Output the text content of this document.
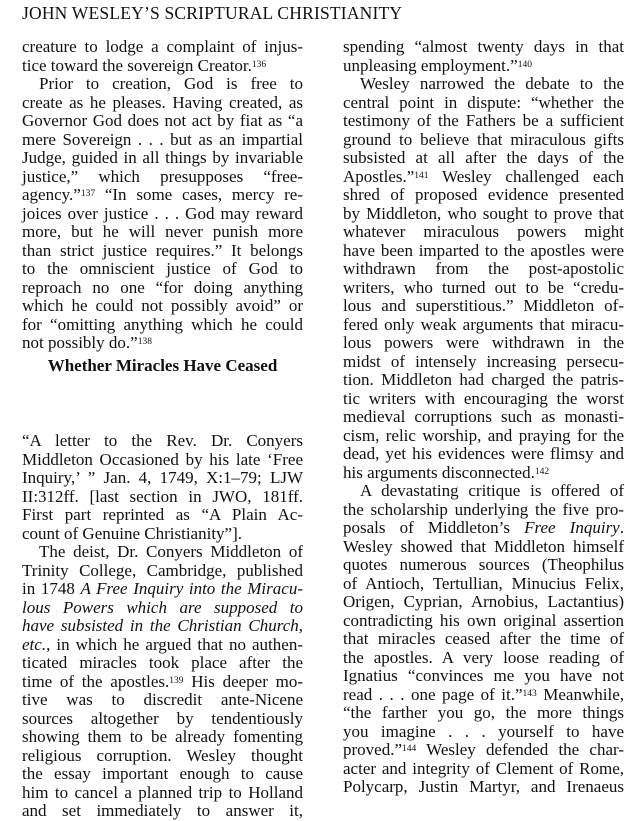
JOHN WESLEY’S SCRIPTURAL CHRISTIANITY
creature to lodge a complaint of injus-
tice toward the sovereign Creator.$^{136}$
Prior to creation, God is free to
create as he pleases. Having created, as
Governor God does not act by fiat as “a
mere Sovereign . . . but as an impartial
Judge, guided in all things by invariable
justice,” which presupposes “free-
agency.”$^{137}$ “In some cases, mercy re-
joices over justice . . . God may reward
more, but he will never punish more
than strict justice requires.” It belongs
to the omniscient justice of God to
reproach no one “for doing anything
which he could not possibly avoid” or
for “omitting anything which he could
not possibly do.”$^{138}$
Whether Miracles Have Ceased
“A letter to the Rev. Dr. Conyers
Middleton Occasioned by his late ‘Free
Inquiry,’ ” Jan. 4, 1749, X:1–79; LJW
II:312ff. [last section in JWO, 181ff.
First part reprinted as “A Plain Ac-
count of Genuine Christianity”].
The deist, Dr. Conyers Middleton of
Trinity College, Cambridge, published
in 1748 A Free Inquiry into the Miracu-
lous Powers which are supposed to
have subsisted in the Christian Church,
etc., in which he argued that no authen-
ticated miracles took place after the
time of the apostles.$^{139}$ His deeper mo-
tive was to discredit ante-Nicene
sources altogether by tendentiously
showing them to be already fomenting
religious corruption. Wesley thought
the essay important enough to cause
him to cancel a planned trip to Holland
and set immediately to answer it,
spending “almost twenty days in that
unpleasing employment.”$^{140}$
Wesley narrowed the debate to the
central point in dispute: “whether the
testimony of the Fathers be a sufficient
ground to believe that miraculous gifts
subsisted at all after the days of the
Apostles.”$^{141}$ Wesley challenged each
shred of proposed evidence presented
by Middleton, who sought to prove that
whatever miraculous powers might
have been imparted to the apostles were
withdrawn from the post-apostolic
writers, who turned out to be “credu-
lous and superstitious.” Middleton of-
fered only weak arguments that miracu-
lous powers were withdrawn in the
midst of intensely increasing persecu-
tion. Middleton had charged the patris-
tic writers with encouraging the worst
medieval corruptions such as monasti-
cism, relic worship, and praying for the
dead, yet his evidences were flimsy and
his arguments disconnected.$^{142}$
A devastating critique is offered of
the scholarship underlying the five pro-
posals of Middleton’s Free Inquiry.
Wesley showed that Middleton himself
quotes numerous sources (Theophilus
of Antioch, Tertullian, Minucius Felix,
Origen, Cyprian, Arnobius, Lactantius)
contradicting his own original assertion
that miracles ceased after the time of
the apostles. A very loose reading of
Ignatius “convinces me you have not
read . . . one page of it.”$^{143}$ Meanwhile,
“the farther you go, the more things
you imagine . . . yourself to have
proved.”$^{144}$ Wesley defended the char-
acter and integrity of Clement of Rome,
Polycarp, Justin Martyr, and Irenaeus
